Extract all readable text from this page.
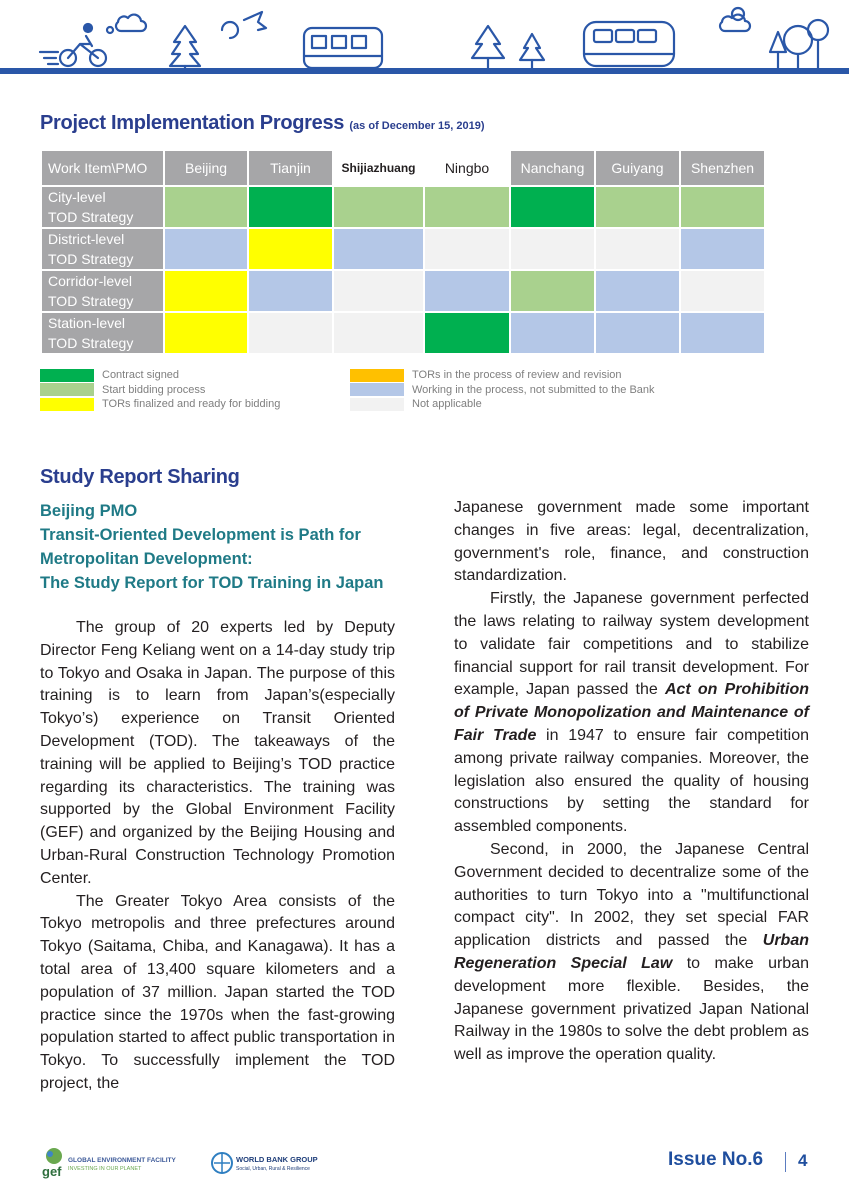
Project Implementation Progress (as of December 15, 2019)
Work Item\PMO	Beijing	Tianjin	Shijiazhuang	Ningbo	Nanchang	Guiyang	Shenzhen

City-level
TOD Strategy							

District-level
TOD Strategy							

Corridor-level
TOD Strategy							

Station-level
TOD Strategy							

Contract signed
Start bidding process
TORs finalized and ready for bidding
TORs in the process of review and revision
Working in the process, not submitted to the Bank
Not applicable
Study Report Sharing
Beijing PMO
Transit-Oriented Development is Path for
Metropolitan Development:
The Study Report for TOD Training in Japan

The group of 20 experts led by Deputy Director Feng Keliang went on a 14-day study trip to Tokyo and Osaka in Japan. The purpose of this training is to learn from Japan’s(especially Tokyo’s) experience on Transit Oriented Development (TOD). The takeaways of the training will be applied to Beijing’s TOD practice regarding its characteristics. The training was supported by the Global Environment Facility (GEF) and organized by the Beijing Housing and Urban-Rural Construction Technology Promotion Center.

The Greater Tokyo Area consists of the Tokyo metropolis and three prefectures around Tokyo (Saitama, Chiba, and Kanagawa). It has a total area of 13,400 square kilometers and a population of 37 million. Japan started the TOD practice since the 1970s when the fast-growing population started to affect public transportation in Tokyo. To successfully implement the TOD project, the

Japanese government made some important changes in five areas: legal, decentralization, government's role, finance, and construction standardization.

Firstly, the Japanese government perfected the laws relating to railway system development to validate fair competitions and to stabilize financial support for rail transit development. For example, Japan passed the Act on Prohibition of Private Monopolization and Maintenance of Fair Trade in 1947 to ensure fair competition among private railway companies. Moreover, the legislation also ensured the quality of housing constructions by setting the standard for assembled components.

Second, in 2000, the Japanese Central Government decided to decentralize some of the authorities to turn Tokyo into a "multifunctional compact city". In 2002, they set special FAR application districts and passed the Urban Regeneration Special Law to make urban development more flexible. Besides, the Japanese government privatized Japan National Railway in the 1980s to solve the debt problem as well as improve the operation quality.

gef
GLOBAL ENVIRONMENT FACILITY
INVESTING IN OUR PLANET
WORLD BANK GROUP
Social, Urban, Rural & Resilience	Issue No.6 4
